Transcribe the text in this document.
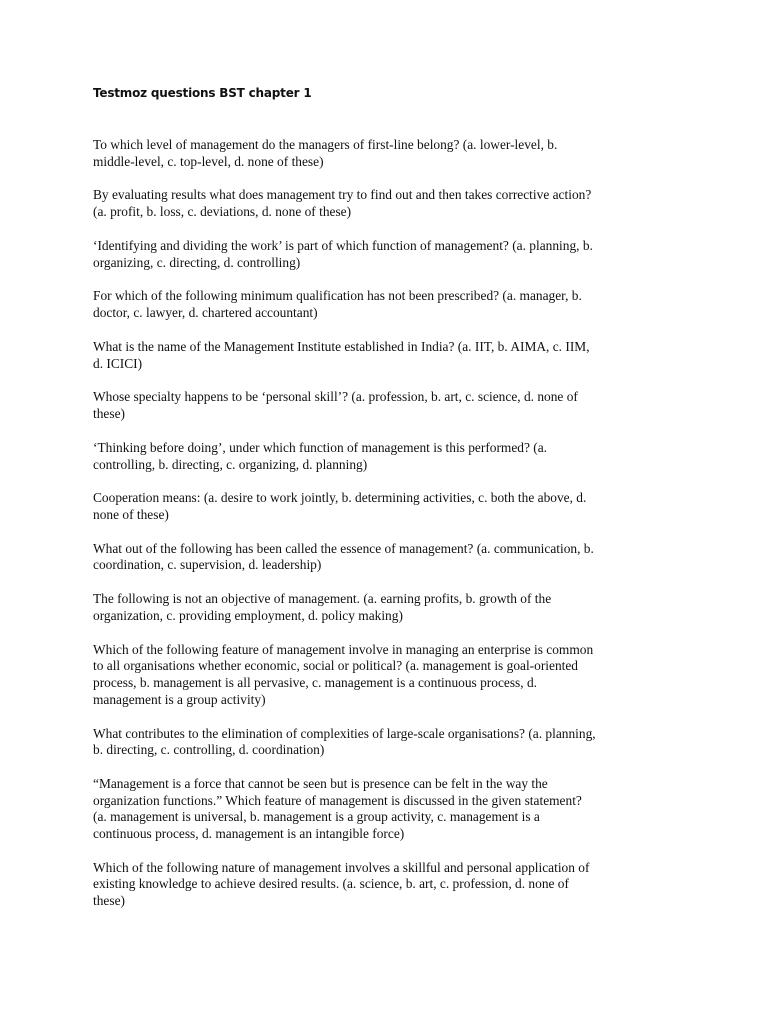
Testmoz questions BST chapter 1
To which level of management do the managers of first-line belong? (a. lower-level, b.
middle-level, c. top-level, d. none of these)
By evaluating results what does management try to find out and then takes corrective action?
(a. profit, b. loss, c. deviations, d. none of these)
‘Identifying and dividing the work’ is part of which function of management? (a. planning, b.
organizing, c. directing, d. controlling)
For which of the following minimum qualification has not been prescribed? (a. manager, b.
doctor, c. lawyer, d. chartered accountant)
What is the name of the Management Institute established in India? (a. IIT, b. AIMA, c. IIM,
d. ICICI)
Whose specialty happens to be ‘personal skill’? (a. profession, b. art, c. science, d. none of
these)
‘Thinking before doing’, under which function of management is this performed? (a.
controlling, b. directing, c. organizing, d. planning)
Cooperation means: (a. desire to work jointly, b. determining activities, c. both the above, d.
none of these)
What out of the following has been called the essence of management? (a. communication, b.
coordination, c. supervision, d. leadership)
The following is not an objective of management. (a. earning profits, b. growth of the
organization, c. providing employment, d. policy making)
Which of the following feature of management involve in managing an enterprise is common
to all organisations whether economic, social or political? (a. management is goal-oriented
process, b. management is all pervasive, c. management is a continuous process, d.
management is a group activity)
What contributes to the elimination of complexities of large-scale organisations? (a. planning,
b. directing, c. controlling, d. coordination)
“Management is a force that cannot be seen but is presence can be felt in the way the
organization functions.” Which feature of management is discussed in the given statement?
(a. management is universal, b. management is a group activity, c. management is a
continuous process, d. management is an intangible force)
Which of the following nature of management involves a skillful and personal application of
existing knowledge to achieve desired results. (a. science, b. art, c. profession, d. none of
these)
